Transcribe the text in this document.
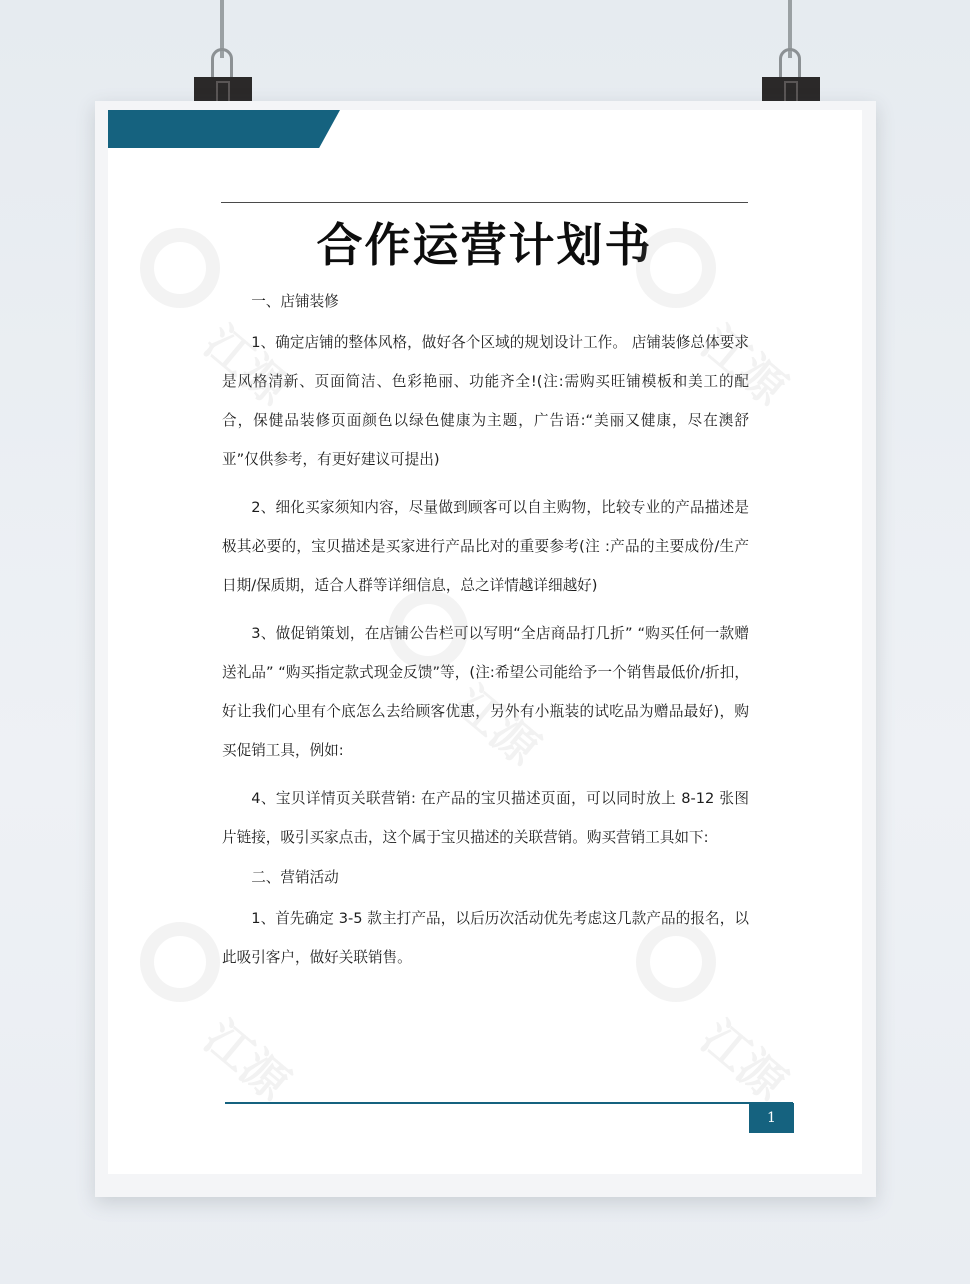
合作运营计划书

一、店铺装修

1、确定店铺的整体风格，做好各个区域的规划设计工作。 店铺装修总体要求是风格清新、页面简洁、色彩艳丽、功能齐全!(注:需购买旺铺模板和美工的配合，保健品装修页面颜色以绿色健康为主题，广告语:“美丽又健康，尽在澳舒亚”仅供参考，有更好建议可提出)

2、细化买家须知内容，尽量做到顾客可以自主购物，比较专业的产品描述是极其必要的，宝贝描述是买家进行产品比对的重要参考(注 :产品的主要成份/生产日期/保质期，适合人群等详细信息，总之详情越详细越好)

3、做促销策划，在店铺公告栏可以写明“全店商品打几折” “购买任何一款赠送礼品” “购买指定款式现金反馈”等，(注:希望公司能给予一个销售最低价/折扣，好让我们心里有个底怎么去给顾客优惠，另外有小瓶装的试吃品为赠品最好)，购买促销工具，例如:

4、宝贝详情页关联营销: 在产品的宝贝描述页面，可以同时放上 8-12 张图片链接，吸引买家点击，这个属于宝贝描述的关联营销。购买营销工具如下:

二、营销活动

1、首先确定 3-5 款主打产品，以后历次活动优先考虑这几款产品的报名，以此吸引客户，做好关联销售。

江源	江源
江源
江源	江源
1
